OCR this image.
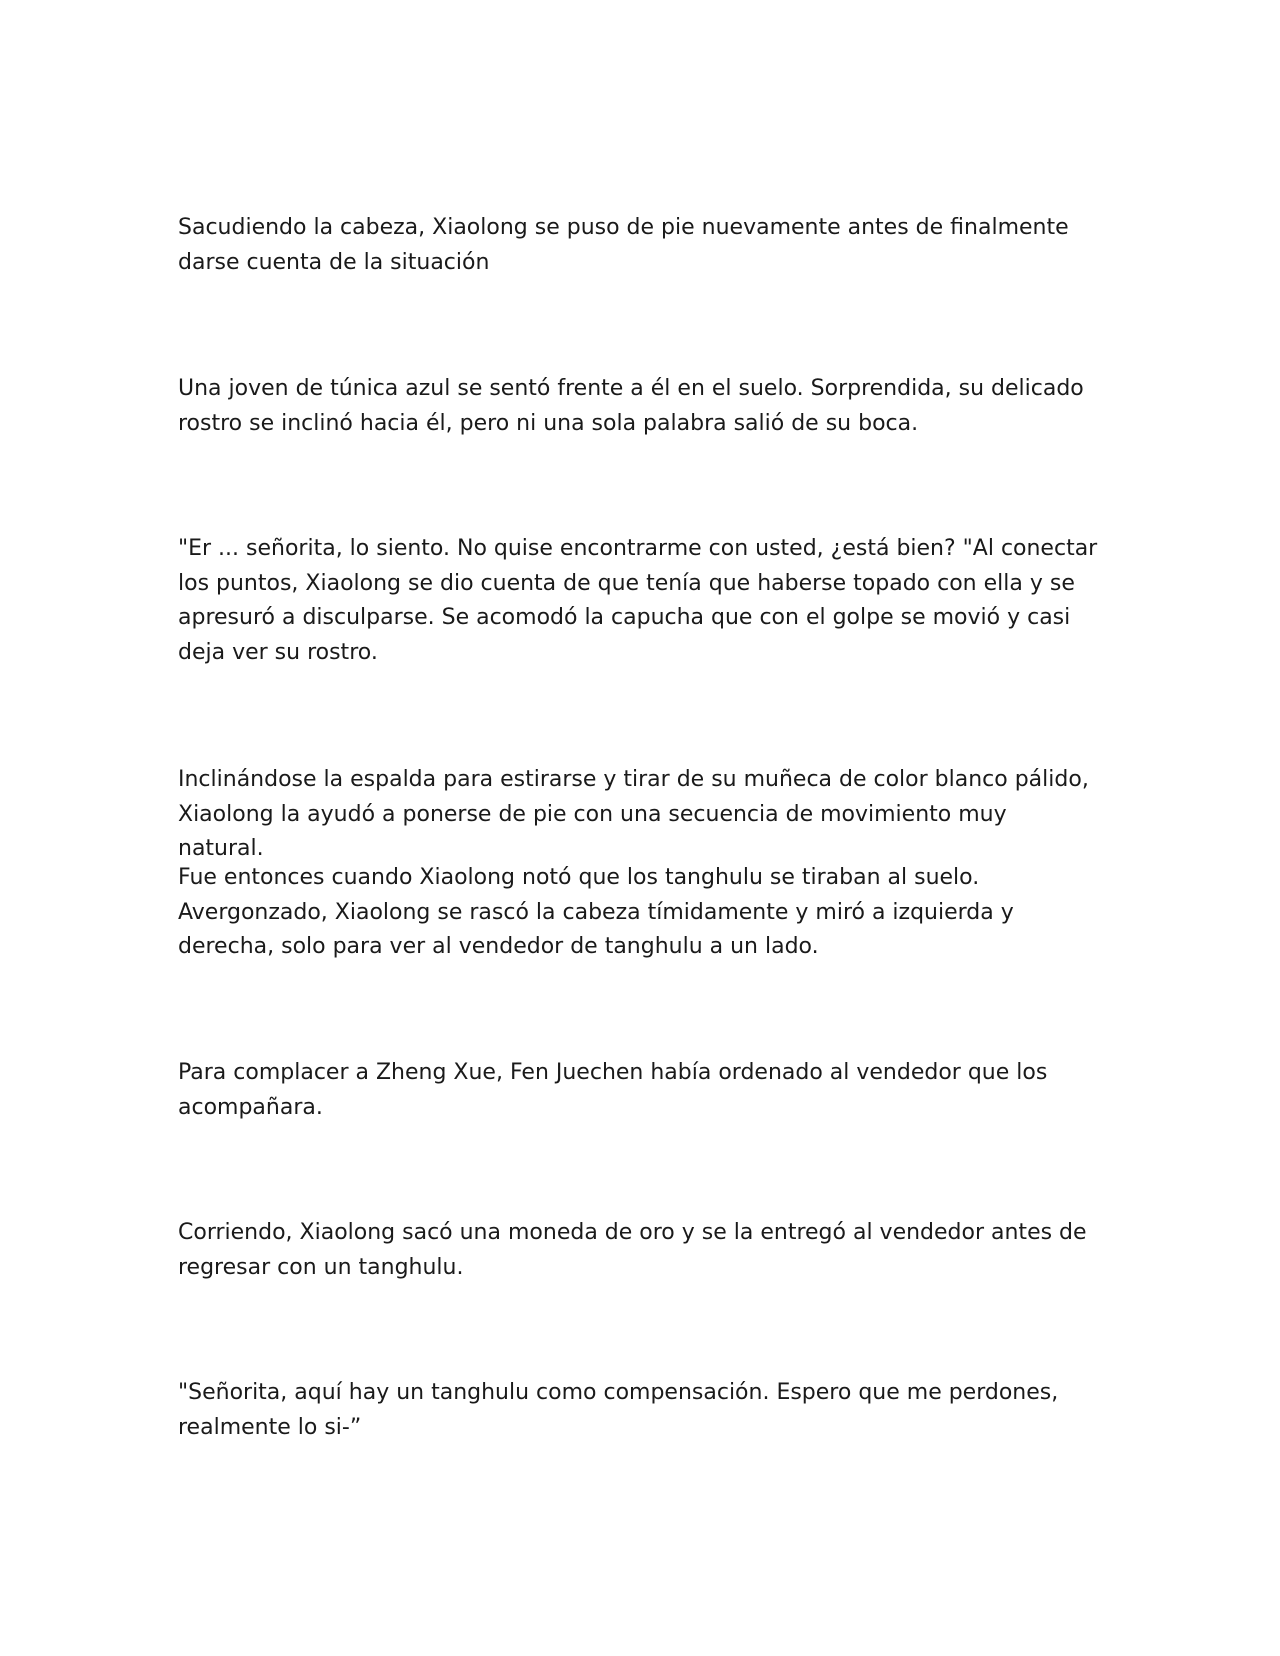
Sacudiendo la cabeza, Xiaolong se puso de pie nuevamente antes de finalmente darse cuenta de la situación

Una joven de túnica azul se sentó frente a él en el suelo. Sorprendida, su delicado rostro se inclinó hacia él, pero ni una sola palabra salió de su boca.

"Er ... señorita, lo siento. No quise encontrarme con usted, ¿está bien? "Al conectar los puntos, Xiaolong se dio cuenta de que tenía que haberse topado con ella y se apresuró a disculparse. Se acomodó la capucha que con el golpe se movió y casi deja ver su rostro.

Inclinándose la espalda para estirarse y tirar de su muñeca de color blanco pálido, Xiaolong la ayudó a ponerse de pie con una secuencia de movimiento muy natural.

Fue entonces cuando Xiaolong notó que los tanghulu se tiraban al suelo. Avergonzado, Xiaolong se rascó la cabeza tímidamente y miró a izquierda y derecha, solo para ver al vendedor de tanghulu a un lado.

Para complacer a Zheng Xue, Fen Juechen había ordenado al vendedor que los acompañara.

Corriendo, Xiaolong sacó una moneda de oro y se la entregó al vendedor antes de regresar con un tanghulu.

"Señorita, aquí hay un tanghulu como compensación. Espero que me perdones, realmente lo si-”
